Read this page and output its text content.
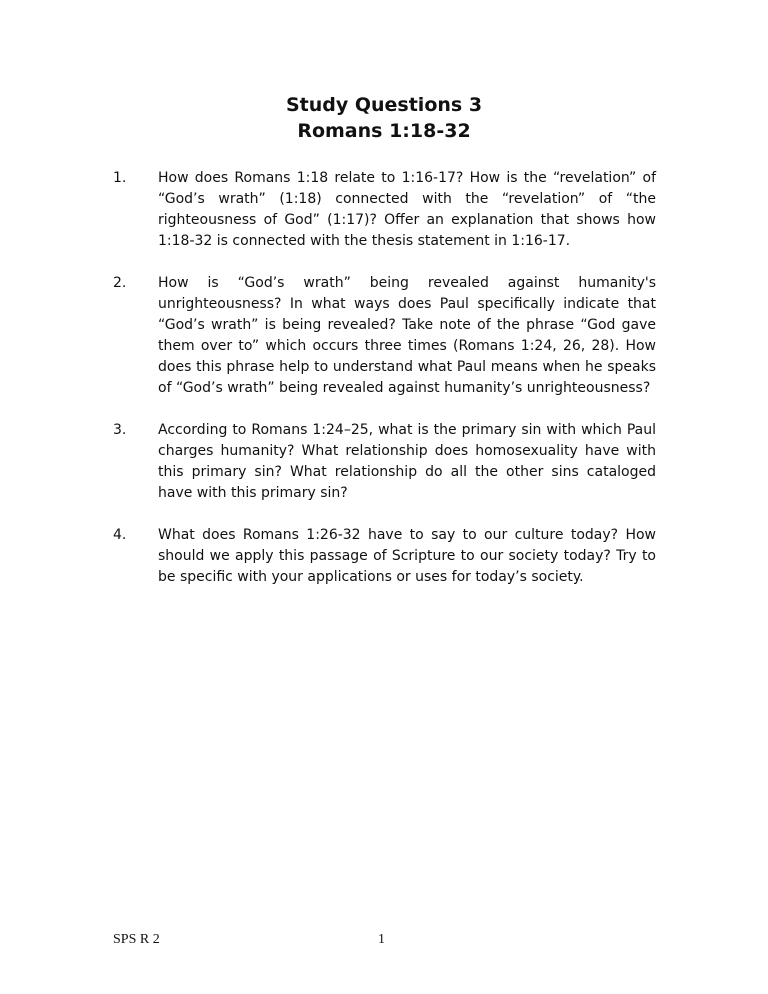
Study Questions 3
Romans 1:18-32
1.	How does Romans 1:18 relate to 1:16-17? How is the “revelation” of “God’s wrath” (1:18) connected with the “revelation” of “the righteousness of God” (1:17)? Offer an explanation that shows how 1:18-32 is connected with the thesis statement in 1:16-17.
2.	How is “God’s wrath” being revealed against humanity's unrighteousness? In what ways does Paul specifically indicate that “God’s wrath” is being revealed? Take note of the phrase “God gave them over to” which occurs three times (Romans 1:24, 26, 28). How does this phrase help to understand what Paul means when he speaks of “God’s wrath” being revealed against humanity’s unrighteousness?
3.	According to Romans 1:24–25, what is the primary sin with which Paul charges humanity? What relationship does homosexuality have with this primary sin? What relationship do all the other sins cataloged have with this primary sin?
4.	What does Romans 1:26-32 have to say to our culture today? How should we apply this passage of Scripture to our society today? Try to be specific with your applications or uses for today’s society.
SPS R 2	1
